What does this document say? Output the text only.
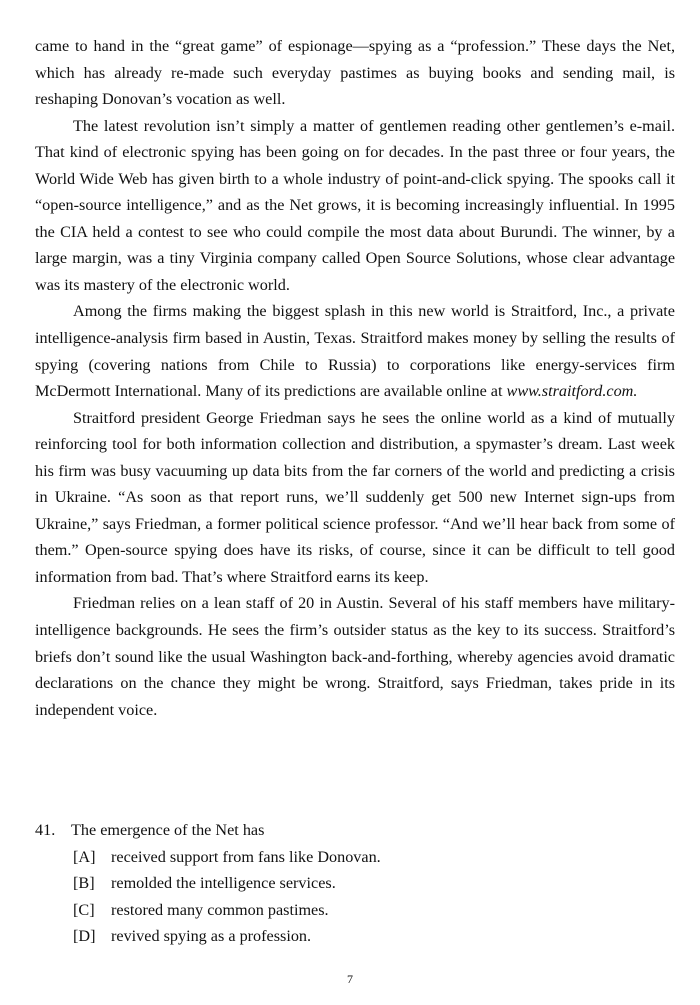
came to hand in the “great game” of espionage—spying as a “profession.” These days the Net, which has already re-made such everyday pastimes as buying books and sending mail, is reshaping Donovan’s vocation as well.

The latest revolution isn’t simply a matter of gentlemen reading other gentlemen’s e-mail. That kind of electronic spying has been going on for decades. In the past three or four years, the World Wide Web has given birth to a whole industry of point-and-click spying. The spooks call it “open-source intelligence,” and as the Net grows, it is becoming increasingly influential. In 1995 the CIA held a contest to see who could compile the most data about Burundi. The winner, by a large margin, was a tiny Virginia company called Open Source Solutions, whose clear advantage was its mastery of the electronic world.

Among the firms making the biggest splash in this new world is Straitford, Inc., a private intelligence-analysis firm based in Austin, Texas. Straitford makes money by selling the results of spying (covering nations from Chile to Russia) to corporations like energy-services firm McDermott International. Many of its predictions are available online at www.straitford.com.

Straitford president George Friedman says he sees the online world as a kind of mutually reinforcing tool for both information collection and distribution, a spymaster’s dream. Last week his firm was busy vacuuming up data bits from the far corners of the world and predicting a crisis in Ukraine. “As soon as that report runs, we’ll suddenly get 500 new Internet sign-ups from Ukraine,” says Friedman, a former political science professor. “And we’ll hear back from some of them.” Open-source spying does have its risks, of course, since it can be difficult to tell good information from bad. That’s where Straitford earns its keep.

Friedman relies on a lean staff of 20 in Austin. Several of his staff members have military-intelligence backgrounds. He sees the firm’s outsider status as the key to its success. Straitford’s briefs don’t sound like the usual Washington back-and-forthing, whereby agencies avoid dramatic declarations on the chance they might be wrong. Straitford, says Friedman, takes pride in its independent voice.

41. The emergence of the Net has

[A] received support from fans like Donovan.
[B] remolded the intelligence services.
[C] restored many common pastimes.
[D] revived spying as a profession.
7
